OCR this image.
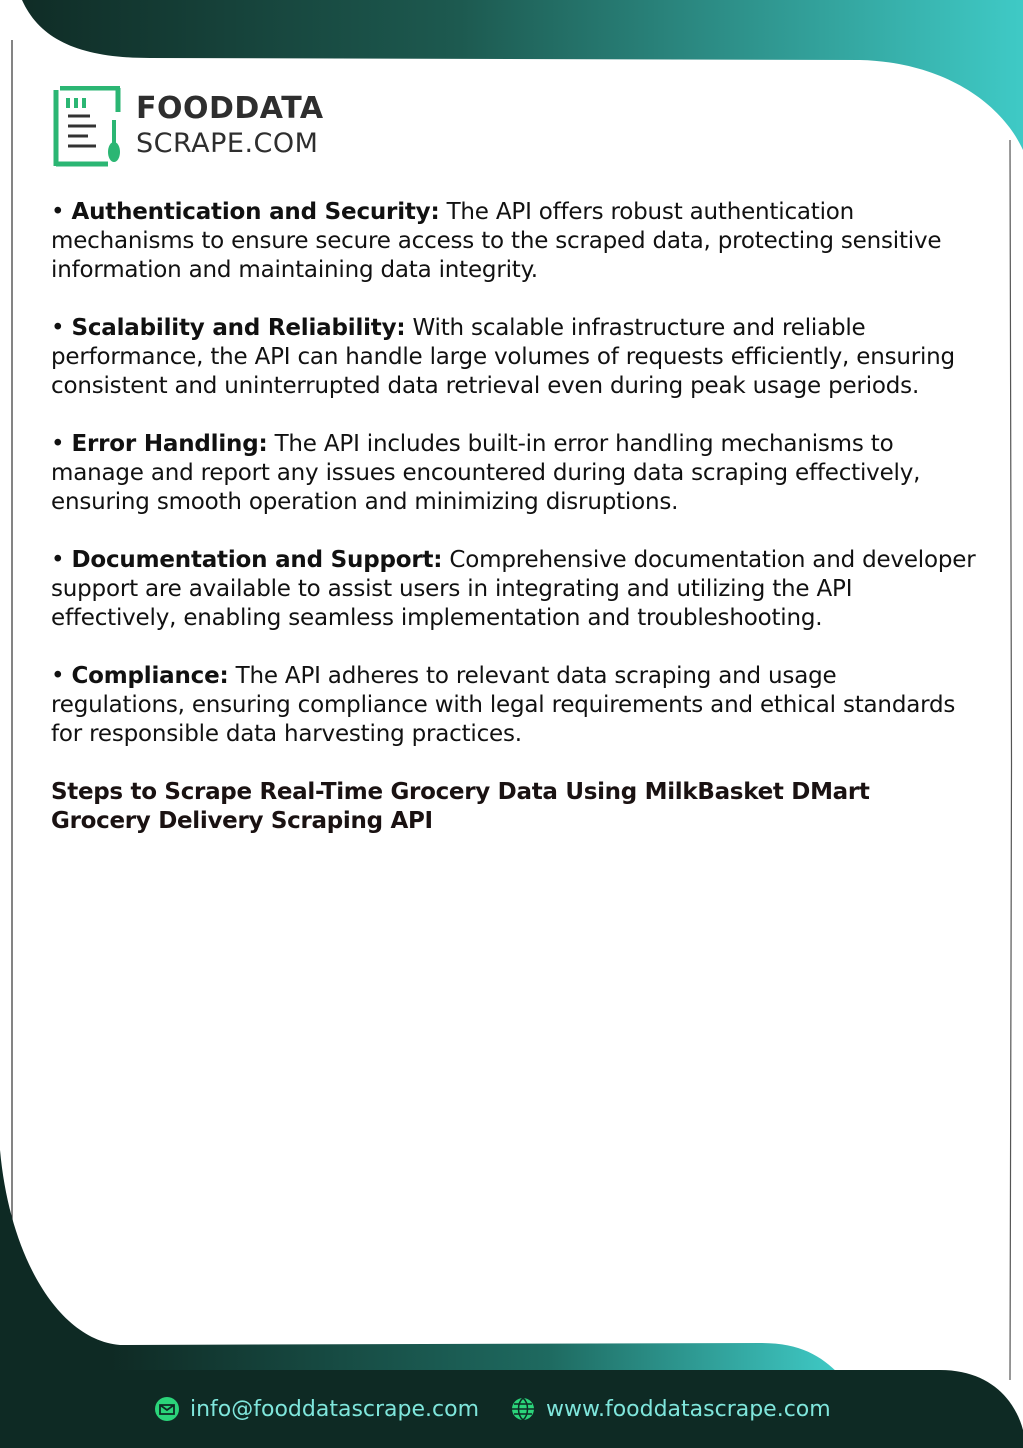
FOODDATA
SCRAPE.COM

• Authentication and Security: The API offers robust authentication mechanisms to ensure secure access to the scraped data, protecting sensitive information and maintaining data integrity.

• Scalability and Reliability: With scalable infrastructure and reliable performance, the API can handle large volumes of requests efficiently, ensuring consistent and uninterrupted data retrieval even during peak usage periods.

• Error Handling: The API includes built-in error handling mechanisms to manage and report any issues encountered during data scraping effectively, ensuring smooth operation and minimizing disruptions.

• Documentation and Support: Comprehensive documentation and developer support are available to assist users in integrating and utilizing the API effectively, enabling seamless implementation and troubleshooting.

• Compliance: The API adheres to relevant data scraping and usage regulations, ensuring compliance with legal requirements and ethical standards for responsible data harvesting practices.

Steps to Scrape Real-Time Grocery Data Using MilkBasket DMart Grocery Delivery Scraping API
info@fooddatascrape.com	www.fooddatascrape.com
